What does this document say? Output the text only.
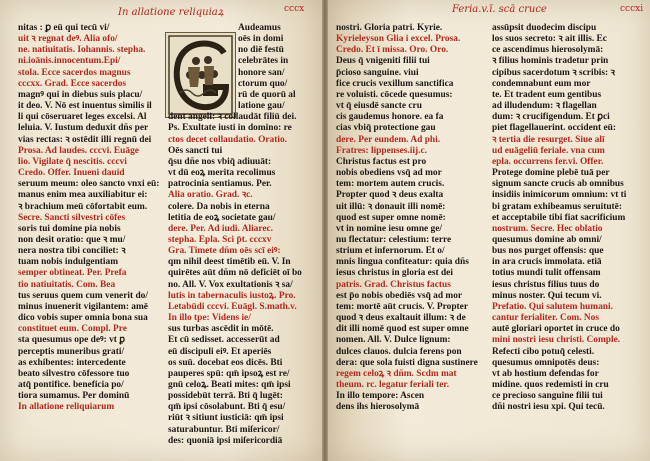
In allatione reliquiaꝝ	cccx
nitas : ꝑ eū qui tecū vi/
uit ꝛ regnat deꝰ. Alia ofo/
ne. natiuitatis. Iohannis. stepha.
ni.ioānis.innocentum.Epi/
stola. Ecce sacerdos magnus
cccxx. Grad. Ecce sacerdos
magnꝰ qui in diebus suis placu/
it deo. V. Nō est inuentus similis il
li qui cōseruaret leges excelsi. Al
leluia. V. Iustum deduxit dñs per
vias rectas: ꝛ ostēdit illi regnū dei
Prosa. Ad laudes. cccvi. Euāge
lio. Vigilate q̄ nescitis. cccvi
Credo. Offer. Inueni dauid
seruum meum: oleo sancto vnxi eū:
manus enim mea auxiliabitur ei:
ꝛ brachium meū cōfortabit eum.
Secre. Sancti silvestri cōfes
soris tui domine pia nobis
non desit oratio: que ꝛ mu/
nera nostra tibi conciliet: ꝛ
tuam nobis indulgentiam
semper obtineat. Per. Prefa
tio natiuitatis. Com. Bea
tus seruus quem cum venerit do/
minus inuenerit vigilantem: amē
dico vobis super omnia bona sua
constituet eum. Compl. Pre
sta quesumus ope deꝰ: vt ꝑ
perceptis muneribus grati/
as exhibentes: intercedente
beato silvestro cōfessore tuo
atq̄ pontifice. beneficia po/
tiora sumamus. Per dominū
In allatione reliquiarum
Audeamus
oēs in domi
no diē festū
celebrātes in
honore san/
ctorum quo/
rū de quorū al
latione gau/
dent angeli: ꝛ collaudāt filiū dei.
Ps. Exultate iusti in domino: re
ctos decet collaudatio. Oratio.
Oēs sancti tui
q̄su dñe nos vbiq̄ adiuuāt:
vt dū eoꝝ merita recolimus
patrocinia sentiamus. Per.
Alia oratio. Grad. ꝛc.
colere. Da nobis in eterna
letitia de eoꝝ societate gau/
dere. Per. Ad iudi. Aliarec.
stepha. Epla. Sci p̄t. cccxv
Gra. Timete dñm oēs scī eiꝰ:
qm nihil deest timētib eū. V. In
quirētes aūt dñm nō deficiēt oī bo
no. All. V. Vox exultationis ꝛ sa/
lutis in tabernaculis iustoꝝ. Pro.
Letabūdi cccvi. Euāgl. S.math.v.
In illo tpe: Videns ie/
sus turbas ascēdit in mōtē.
Et cū sedisset. accesserūt ad
eū discipuli eiꝰ. Et aperiēs
os suū. docebat eos dicēs. Bti
pauperes spū: qm̄ ipsoꝝ est re/
gnū celoꝝ. Beati mites: qm̄ ipsi
possidebūt terrā. Bti q̄ lugēt:
qm̄ ipsi cōsolabunt. Bti q̄ esu/
riūt ꝛ sitiunt iusticiā: qm̄ ipsi
saturabuntur. Bti miſericor/
des: quoniā ipsi miſericordiā
Feria.v.ī. scā cruce	cccxi
nostri. Gloria patri. Kyrie.
Kyrieleyson Glia i excel. Prosa.
Credo. Et ī missa. Oro. Oro.
Deus q̄ vnigeniti filii tui
p̄cioso sanguine. viui
fice crucis vexillum sanctifica
re voluisti. cōcede quesumus:
vt q̄ eiusdē sancte cru
cis gaudemus honore. ea fa
cias vbiq̄ protectione gau
dere. Per eundem. Ad phi.
Fratres: lippenses.iij.c.
Christus factus est pro
nobis obediens vsq̄ ad mor
tem: mortem autem crucis.
Propter quod ꝛ deus exalta
uit illū: ꝛ donauit illi nomē:
quod est super omne nomē:
vt in nomine iesu omne ge/
nu flectatur: celestium: terre
strium et infernorum. Et o/
mnis lingua confiteatur: quia dñs
iesus christus in gloria est dei
patris. Grad. Christus factus
est p̄o nobis obediēs vsq̄ ad mor
tem: mortē aūt crucis. V. Propter
quod ꝛ deus exaltauit illum: ꝛ de
dit illi nomē quod est super omne
nomen. All. V. Dulce lignum:
dulces clauos. dulcia ferens pon
dera: que sola fuisti digna sustinere
regem celoꝝ ꝛ dñm. Scdm mat
theum. rc. legatur feriali ter.
In illo tempore: Ascen
dens ihs hierosolymā
assūpsit duodecim discipu
los suos secreto: ꝛ ait illis. Ec
ce ascendimus hierosolymā:
ꝛ filius hominis tradetur prin
cipibus sacerdotum ꝛ scribis: ꝛ
condemnabunt eum mor
te. Et tradent eum gentibus
ad illudendum: ꝛ flagellan
dum: ꝛ crucifigendum. Et ꝑci
piet flagellauerint. occident eū:
ꝛ tertia die resurget. Siue alī
ud euāgeliū feriale. vna cum
epla. occurrens fer.vi. Offer.
Protege domine plebē tuā per
signum sancte crucis ab omnibus
insidiis inimicorum omnium: vt ti
bi gratam exhibeamus seruitutē:
et acceptabile tibi fiat sacrificium
nostrum. Secre. Hec oblatio
quesumus domine ab omni/
bus nos purget offensis: que
in ara crucis immolata. etiā
totius mundi tulit offensam
iesus christus filius tuus do
minus noster. Qui tecum vi.
Prefatio. Qui salutem humani.
cantur ferialiter. Com. Nos
autē gloriari oportet in cruce do
mini nostri iesu christi. Comple.
Refecti cibo potuq̄ celesti.
quesumus omnipotēs deus:
vt ab hostium defendas for
midine. quos redemisti in cru
ce precioso sanguine filii tui
dñi nostri iesu xpi. Qui tecū.
